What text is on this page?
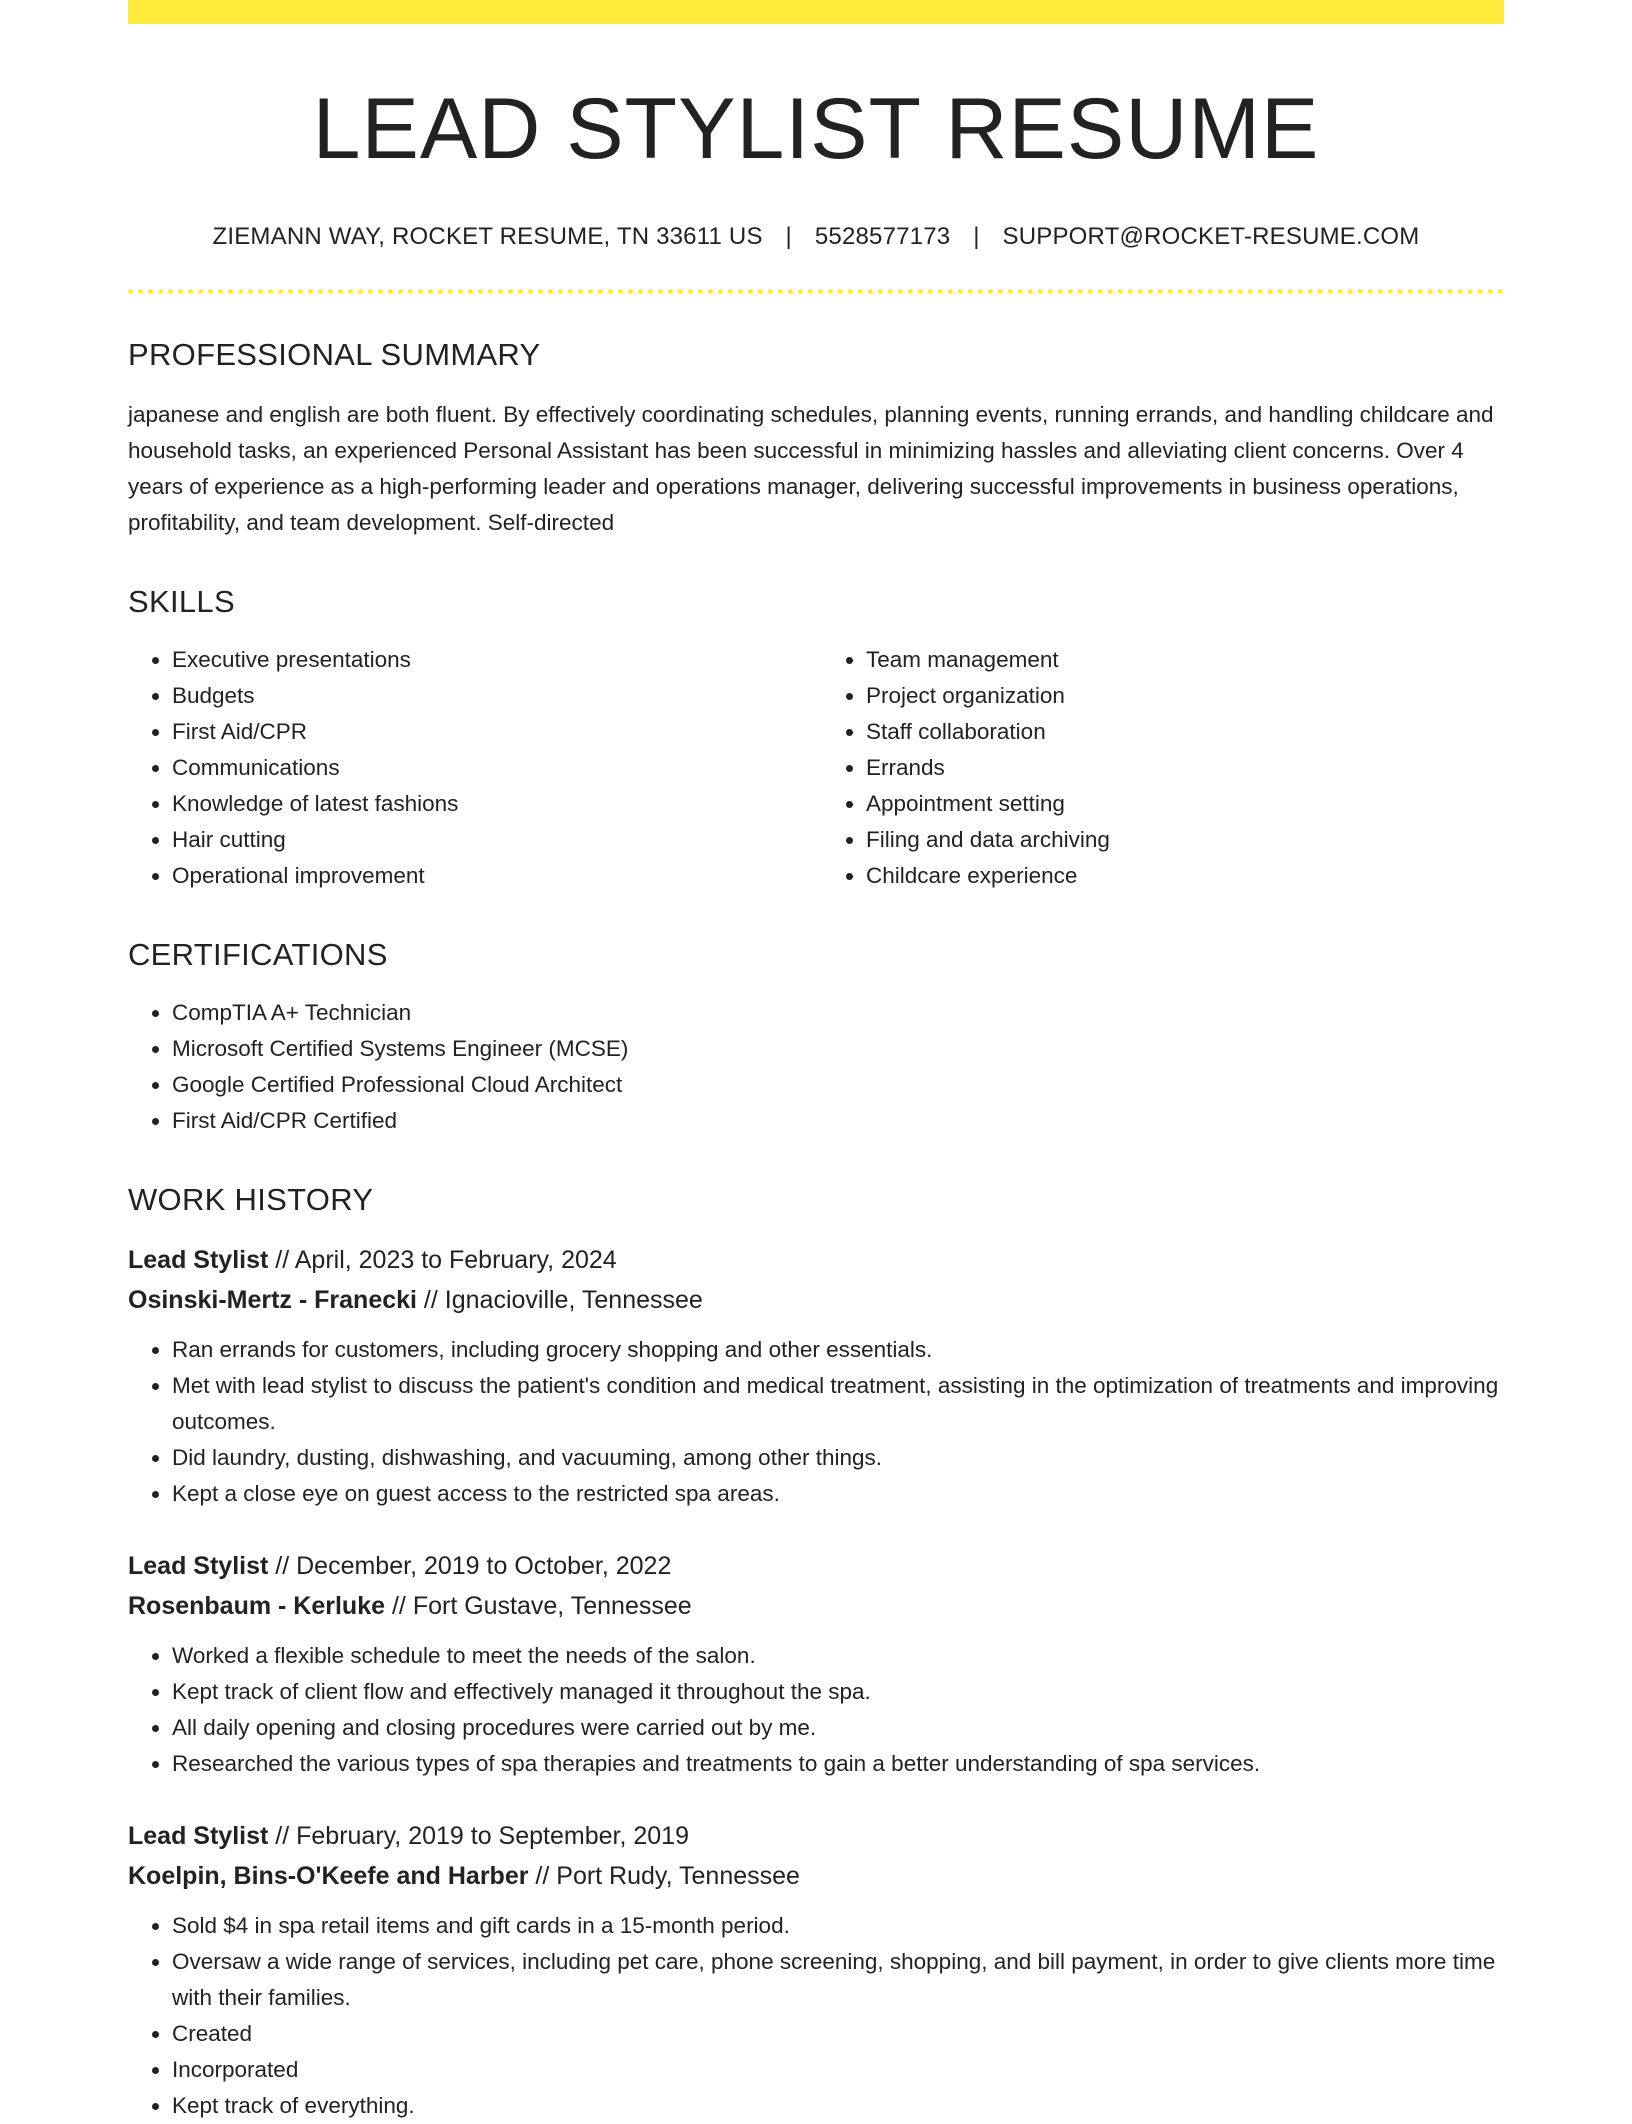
LEAD STYLIST RESUME
ZIEMANN WAY, ROCKET RESUME, TN 33611 US | 5528577173 | SUPPORT@ROCKET-RESUME.COM
PROFESSIONAL SUMMARY
japanese and english are both fluent. By effectively coordinating schedules, planning events, running errands, and handling childcare and household tasks, an experienced Personal Assistant has been successful in minimizing hassles and alleviating client concerns. Over 4 years of experience as a high-performing leader and operations manager, delivering successful improvements in business operations, profitability, and team development. Self-directed
SKILLS
• Executive presentations
• Budgets
• First Aid/CPR
• Communications
• Knowledge of latest fashions
• Hair cutting
• Operational improvement
• Team management
• Project organization
• Staff collaboration
• Errands
• Appointment setting
• Filing and data archiving
• Childcare experience
CERTIFICATIONS
• CompTIA A+ Technician
• Microsoft Certified Systems Engineer (MCSE)
• Google Certified Professional Cloud Architect
• First Aid/CPR Certified
WORK HISTORY
Lead Stylist // April, 2023 to February, 2024
Osinski-Mertz - Franecki // Ignacioville, Tennessee
• Ran errands for customers, including grocery shopping and other essentials.
• Met with lead stylist to discuss the patient's condition and medical treatment, assisting in the optimization of treatments and improving outcomes.
• Did laundry, dusting, dishwashing, and vacuuming, among other things.
• Kept a close eye on guest access to the restricted spa areas.
Lead Stylist // December, 2019 to October, 2022
Rosenbaum - Kerluke // Fort Gustave, Tennessee
• Worked a flexible schedule to meet the needs of the salon.
• Kept track of client flow and effectively managed it throughout the spa.
• All daily opening and closing procedures were carried out by me.
• Researched the various types of spa therapies and treatments to gain a better understanding of spa services.
Lead Stylist // February, 2019 to September, 2019
Koelpin, Bins-O'Keefe and Harber // Port Rudy, Tennessee
• Sold $4 in spa retail items and gift cards in a 15-month period.
• Oversaw a wide range of services, including pet care, phone screening, shopping, and bill payment, in order to give clients more time with their families.
• Created
• Incorporated
• Kept track of everything.
